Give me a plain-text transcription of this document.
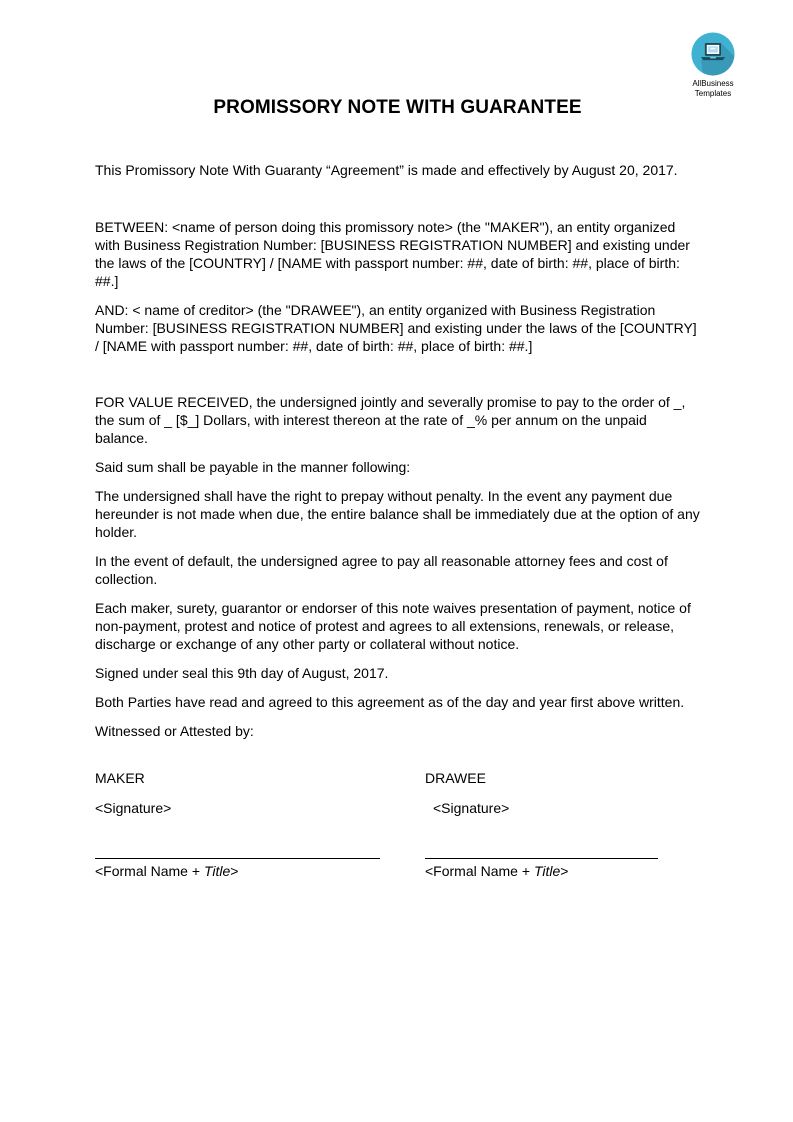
AllBusiness
Templates
PROMISSORY NOTE WITH GUARANTEE

This Promissory Note With Guaranty “Agreement” is made and effectively by August 20, 2017.

BETWEEN: <name of person doing this promissory note> (the "MAKER"), an entity organized with Business Registration Number: [BUSINESS REGISTRATION NUMBER] and existing under the laws of the [COUNTRY] / [NAME with passport number: ##, date of birth: ##, place of birth: ##.]

AND: < name of creditor> (the "DRAWEE"), an entity organized with Business Registration Number: [BUSINESS REGISTRATION NUMBER] and existing under the laws of the [COUNTRY] / [NAME with passport number: ##, date of birth: ##, place of birth: ##.]

FOR VALUE RECEIVED, the undersigned jointly and severally promise to pay to the order of _, the sum of _ [$_] Dollars, with interest thereon at the rate of _% per annum on the unpaid balance.

Said sum shall be payable in the manner following:

The undersigned shall have the right to prepay without penalty. In the event any payment due hereunder is not made when due, the entire balance shall be immediately due at the option of any holder.

In the event of default, the undersigned agree to pay all reasonable attorney fees and cost of collection.

Each maker, surety, guarantor or endorser of this note waives presentation of payment, notice of non-payment, protest and notice of protest and agrees to all extensions, renewals, or release, discharge or exchange of any other party or collateral without notice.

Signed under seal this 9th day of August, 2017.

Both Parties have read and agreed to this agreement as of the day and year first above written.

Witnessed or Attested by:

MAKER
<Signature>
<Formal Name + Title>
DRAWEE
<Signature>
<Formal Name + Title>
